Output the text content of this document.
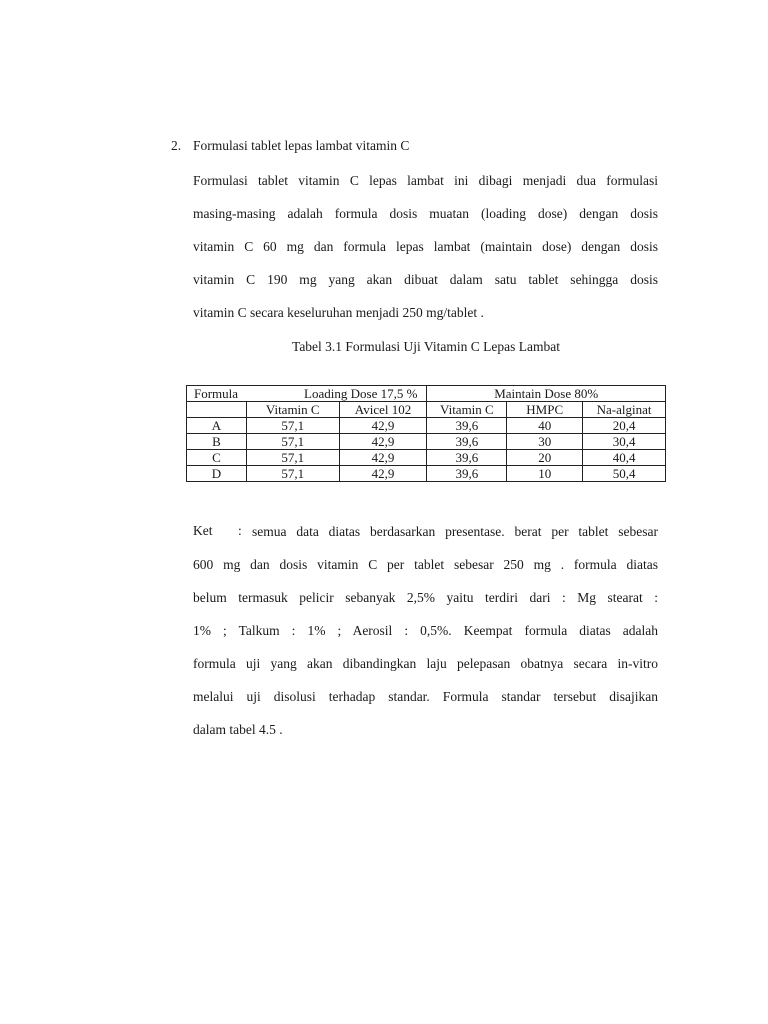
2. Formulasi tablet lepas lambat vitamin C
Formulasi tablet vitamin C lepas lambat ini dibagi menjadi dua formulasi
masing-masing adalah formula dosis muatan (loading dose) dengan dosis
vitamin C 60 mg dan formula lepas lambat (maintain dose) dengan dosis
vitamin C 190 mg yang akan dibuat dalam satu tablet sehingga dosis
vitamin C secara keseluruhan menjadi 250 mg/tablet .
Tabel 3.1 Formulasi Uji Vitamin C Lepas Lambat
Formula Loading Dose 17,5 %			Maintain Dose 80%		
	Vitamin C	Avicel 102	Vitamin C	HMPC	Na-alginat
A	57,1	42,9	39,6	40	20,4
B	57,1	42,9	39,6	30	30,4
C	57,1	42,9	39,6	20	40,4
D	57,1	42,9	39,6	10	50,4
Ket : semua data diatas berdasarkan presentase. berat per tablet sebesar
600 mg dan dosis vitamin C per tablet sebesar 250 mg . formula diatas
belum termasuk pelicir sebanyak 2,5% yaitu terdiri dari : Mg stearat :
1% ; Talkum : 1% ; Aerosil : 0,5%. Keempat formula diatas adalah
formula uji yang akan dibandingkan laju pelepasan obatnya secara in-vitro
melalui uji disolusi terhadap standar. Formula standar tersebut disajikan
dalam tabel 4.5 .
